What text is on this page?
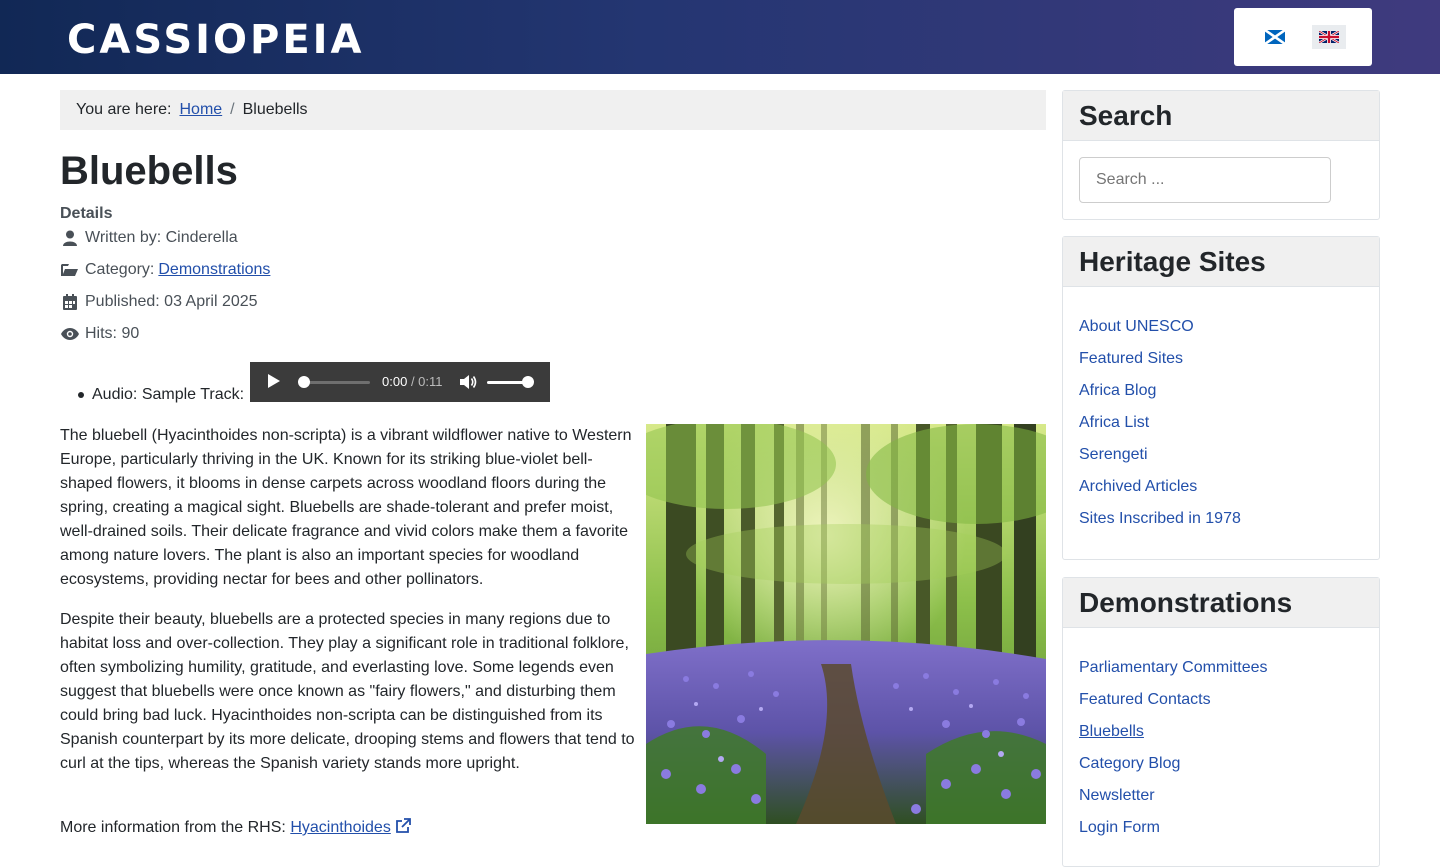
CASSIOPEIA
You are here: Home / Bluebells
Bluebells
Details
Written by: Cinderella
Category: Demonstrations
Published: 03 April 2025
Hits: 90
Audio: Sample Track:
0:00 / 0:11

The bluebell (Hyacinthoides non-scripta) is a vibrant wildflower native to Western Europe, particularly thriving in the UK. Known for its striking blue-violet bell-shaped flowers, it blooms in dense carpets across woodland floors during the spring, creating a magical sight. Bluebells are shade-tolerant and prefer moist, well-drained soils. Their delicate fragrance and vivid colors make them a favorite among nature lovers. The plant is also an important species for woodland ecosystems, providing nectar for bees and other pollinators.

Despite their beauty, bluebells are a protected species in many regions due to habitat loss and over-collection. They play a significant role in traditional folklore, often symbolizing humility, gratitude, and everlasting love. Some legends even suggest that bluebells were once known as "fairy flowers," and disturbing them could bring bad luck. Hyacinthoides non-scripta can be distinguished from its Spanish counterpart by its more delicate, drooping stems and flowers that tend to curl at the tips, whereas the Spanish variety stands more upright.

More information from the RHS: Hyacinthoides

Search
Search ...
Heritage Sites
About UNESCO
Featured Sites
Africa Blog
Africa List
Serengeti
Archived Articles
Sites Inscribed in 1978
Demonstrations
Parliamentary Committees
Featured Contacts
Bluebells
Category Blog
Newsletter
Login Form
